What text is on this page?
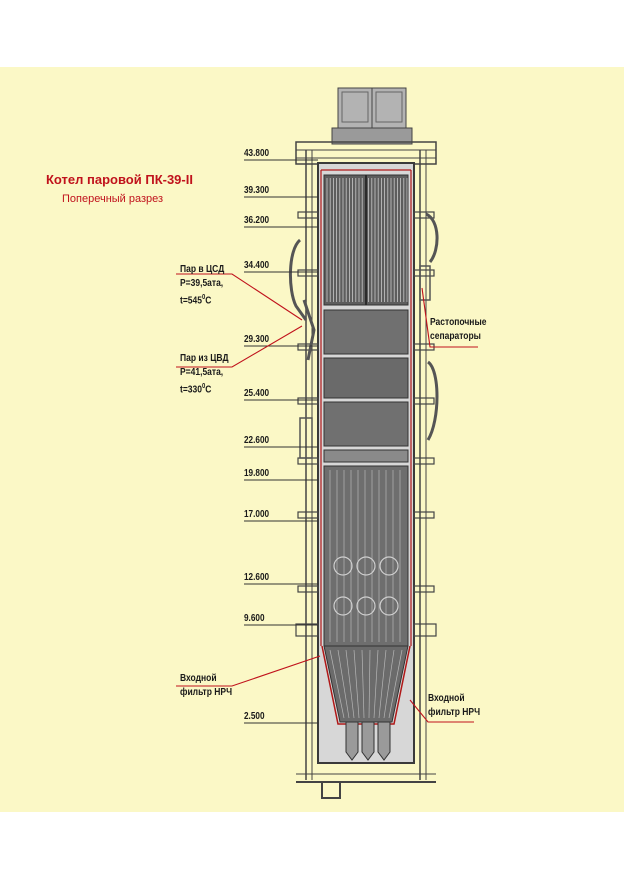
Котел паровой ПК-39-II
Поперечный разрез
43.800
39.300
36.200
34.400
29.300
25.400
22.600
19.800
17.000
12.600
9.600
2.500
Пар в ЦСД
P=39,5ата,
$t=545^0C$
Пар из ЦВД
P=41,5ата,
$t=330^0C$
Растопочные
сепараторы
Входной
фильтр НРЧ
Входной
фильтр НРЧ
